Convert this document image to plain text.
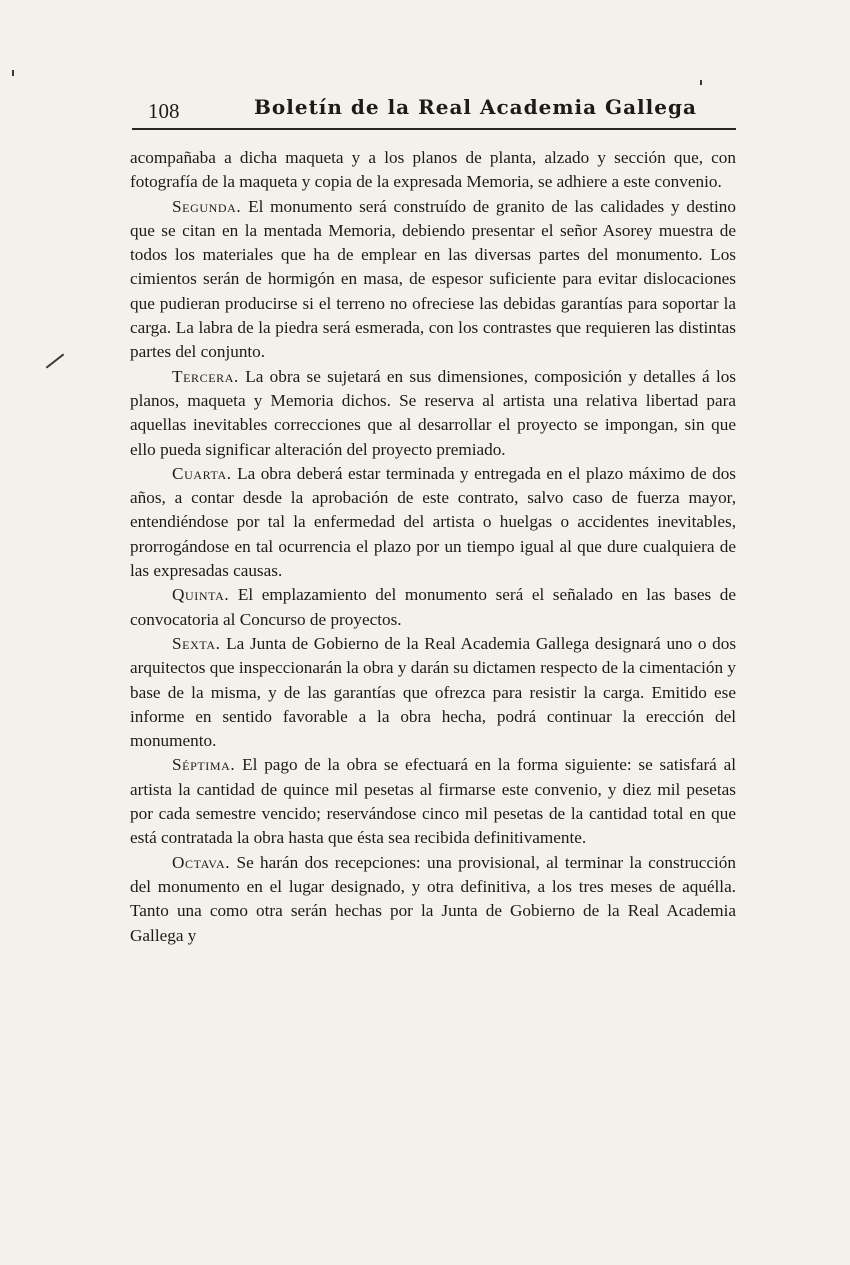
108	Boletín de la Real Academia Gallega

acompañaba a dicha maqueta y a los planos de planta, alzado y sección que, con fotografía de la maqueta y copia de la expresada Memoria, se adhiere a este convenio.

Segunda. El monumento será construído de granito de las calidades y destino que se citan en la mentada Memoria, debiendo presentar el señor Asorey muestra de todos los materiales que ha de emplear en las diversas partes del monumento. Los cimientos serán de hormigón en masa, de espesor suficiente para evitar dislocaciones que pudieran producirse si el terreno no ofreciese las debidas garantías para soportar la carga. La labra de la piedra será esmerada, con los contrastes que requieren las distintas partes del conjunto.

Tercera. La obra se sujetará en sus dimensiones, composición y detalles á los planos, maqueta y Memoria dichos. Se reserva al artista una relativa libertad para aquellas inevitables correcciones que al desarrollar el proyecto se impongan, sin que ello pueda significar alteración del proyecto premiado.

Cuarta. La obra deberá estar terminada y entregada en el plazo máximo de dos años, a contar desde la aprobación de este contrato, salvo caso de fuerza mayor, entendiéndose por tal la enfermedad del artista o huelgas o accidentes inevitables, prorrogándose en tal ocurrencia el plazo por un tiempo igual al que dure cualquiera de las expresadas causas.

Quinta. El emplazamiento del monumento será el señalado en las bases de convocatoria al Concurso de proyectos.

Sexta. La Junta de Gobierno de la Real Academia Gallega designará uno o dos arquitectos que inspeccionarán la obra y darán su dictamen respecto de la cimentación y base de la misma, y de las garantías que ofrezca para resistir la carga. Emitido ese informe en sentido favorable a la obra hecha, podrá continuar la erección del monumento.

Séptima. El pago de la obra se efectuará en la forma siguiente: se satisfará al artista la cantidad de quince mil pesetas al firmarse este convenio, y diez mil pesetas por cada semestre vencido; reservándose cinco mil pesetas de la cantidad total en que está contratada la obra hasta que ésta sea recibida definitivamente.

Octava. Se harán dos recepciones: una provisional, al terminar la construcción del monumento en el lugar designado, y otra definitiva, a los tres meses de aquélla. Tanto una como otra serán hechas por la Junta de Gobierno de la Real Academia Gallega y
